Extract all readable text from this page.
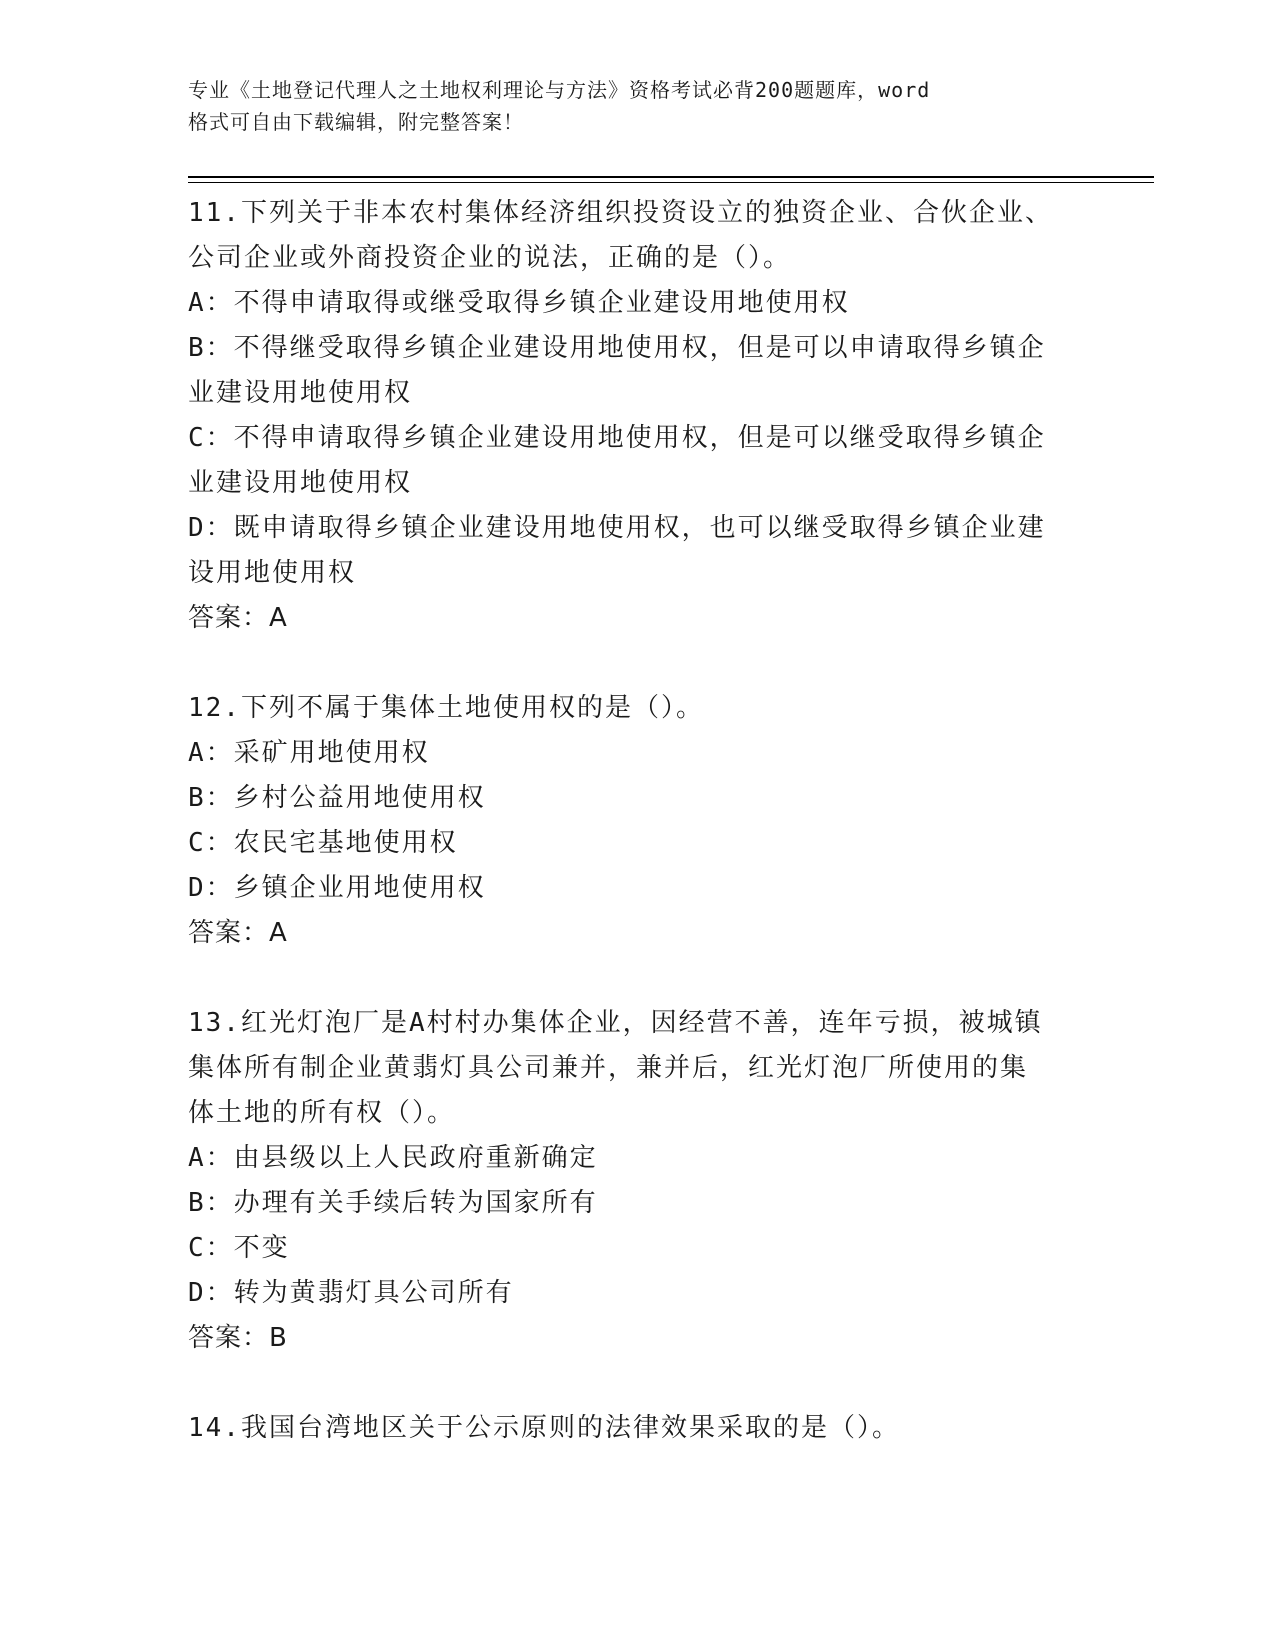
专业《土地登记代理人之土地权利理论与方法》资格考试必背200题题库，word
格式可自由下载编辑，附完整答案！
11.下列关于非本农村集体经济组织投资设立的独资企业、合伙企业、
公司企业或外商投资企业的说法，正确的是（）。
A：不得申请取得或继受取得乡镇企业建设用地使用权
B：不得继受取得乡镇企业建设用地使用权，但是可以申请取得乡镇企
业建设用地使用权
C：不得申请取得乡镇企业建设用地使用权，但是可以继受取得乡镇企
业建设用地使用权
D：既申请取得乡镇企业建设用地使用权，也可以继受取得乡镇企业建
设用地使用权
答案：A
12.下列不属于集体土地使用权的是（）。
A：采矿用地使用权
B：乡村公益用地使用权
C：农民宅基地使用权
D：乡镇企业用地使用权
答案：A
13.红光灯泡厂是A村村办集体企业，因经营不善，连年亏损，被城镇
集体所有制企业黄翡灯具公司兼并，兼并后，红光灯泡厂所使用的集
体土地的所有权（）。
A：由县级以上人民政府重新确定
B：办理有关手续后转为国家所有
C：不变
D：转为黄翡灯具公司所有
答案：B
14.我国台湾地区关于公示原则的法律效果采取的是（）。
